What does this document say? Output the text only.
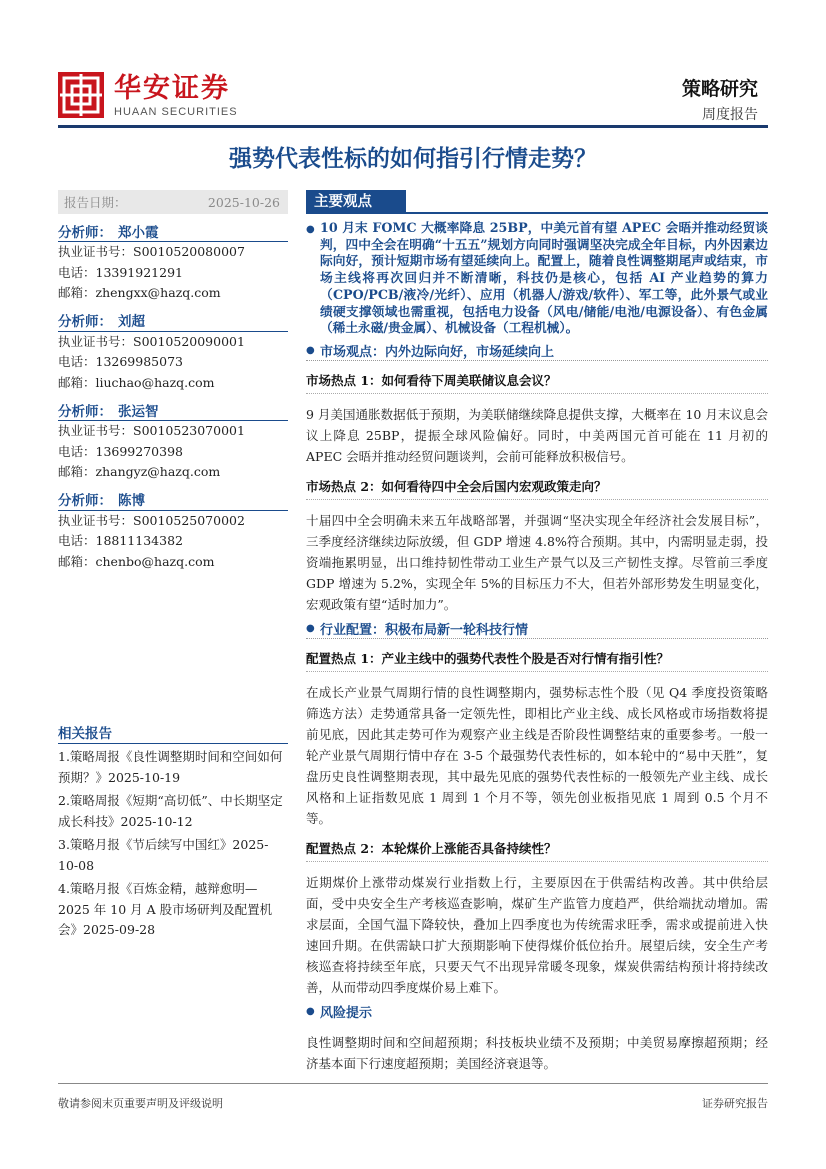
华安证券
HUAAN SECURITIES
策略研究
周度报告
强势代表性标的如何指引行情走势？
报告日期：	2025-10-26
分析师： 郑小霞
执业证书号：S0010520080007
电话：13391921291
邮箱：zhengxx@hazq.com
分析师： 刘超
执业证书号：S0010520090001
电话：13269985073
邮箱：liuchao@hazq.com
分析师： 张运智
执业证书号：S0010523070001
电话：13699270398
邮箱：zhangyz@hazq.com
分析师： 陈博
执业证书号：S0010525070002
电话：18811134382
邮箱：chenbo@hazq.com
相关报告
1.策略周报《良性调整期时间和空间如何预期？》2025-10-19
2.策略周报《短期“高切低”、中长期坚定成长科技》2025-10-12
3.策略月报《节后续写中国红》2025-10-08
4.策略月报《百炼金精，越辩愈明—2025 年 10 月 A 股市场研判及配置机会》2025-09-28
主要观点
● 10 月末 FOMC 大概率降息 25BP，中美元首有望 APEC 会晤并推动经贸谈判，四中全会在明确“十五五”规划方向同时强调坚决完成全年目标，内外因素边际向好，预计短期市场有望延续向上。配置上，随着良性调整期尾声或结束，市场主线将再次回归并不断清晰，科技仍是核心，包括 AI 产业趋势的算力（CPO/PCB/液冷/光纤）、应用（机器人/游戏/软件）、军工等，此外景气或业绩硬支撑领域也需重视，包括电力设备（风电/储能/电池/电源设备）、有色金属（稀土永磁/贵金属）、机械设备（工程机械）。
● 市场观点：内外边际向好，市场延续向上
市场热点 1：如何看待下周美联储议息会议？
9 月美国通胀数据低于预期，为美联储继续降息提供支撑，大概率在 10 月末议息会议上降息 25BP，提振全球风险偏好。同时，中美两国元首可能在 11 月初的 APEC 会晤并推动经贸问题谈判，会前可能释放积极信号。
市场热点 2：如何看待四中全会后国内宏观政策走向？
十届四中全会明确未来五年战略部署，并强调“坚决实现全年经济社会发展目标”，三季度经济继续边际放缓，但 GDP 增速 4.8%符合预期。其中，内需明显走弱，投资端拖累明显，出口维持韧性带动工业生产景气以及三产韧性支撑。尽管前三季度 GDP 增速为 5.2%，实现全年 5%的目标压力不大，但若外部形势发生明显变化，宏观政策有望“适时加力”。
● 行业配置：积极布局新一轮科技行情
配置热点 1：产业主线中的强势代表性个股是否对行情有指引性？
在成长产业景气周期行情的良性调整期内，强势标志性个股（见 Q4 季度投资策略筛选方法）走势通常具备一定领先性，即相比产业主线、成长风格或市场指数将提前见底，因此其走势可作为观察产业主线是否阶段性调整结束的重要参考。一般一轮产业景气周期行情中存在 3-5 个最强势代表性标的，如本轮中的“易中天胜”，复盘历史良性调整期表现，其中最先见底的强势代表性标的一般领先产业主线、成长风格和上证指数见底 1 周到 1 个月不等，领先创业板指见底 1 周到 0.5 个月不等。
配置热点 2：本轮煤价上涨能否具备持续性？
近期煤价上涨带动煤炭行业指数上行，主要原因在于供需结构改善。其中供给层面，受中央安全生产考核巡查影响，煤矿生产监管力度趋严，供给端扰动增加。需求层面，全国气温下降较快，叠加上四季度也为传统需求旺季，需求或提前进入快速回升期。在供需缺口扩大预期影响下使得煤价低位抬升。展望后续，安全生产考核巡查将持续至年底，只要天气不出现异常暖冬现象，煤炭供需结构预计将持续改善，从而带动四季度煤价易上难下。
● 风险提示
良性调整期时间和空间超预期；科技板块业绩不及预期；中美贸易摩擦超预期；经济基本面下行速度超预期；美国经济衰退等。
敬请参阅末页重要声明及评级说明	证券研究报告
